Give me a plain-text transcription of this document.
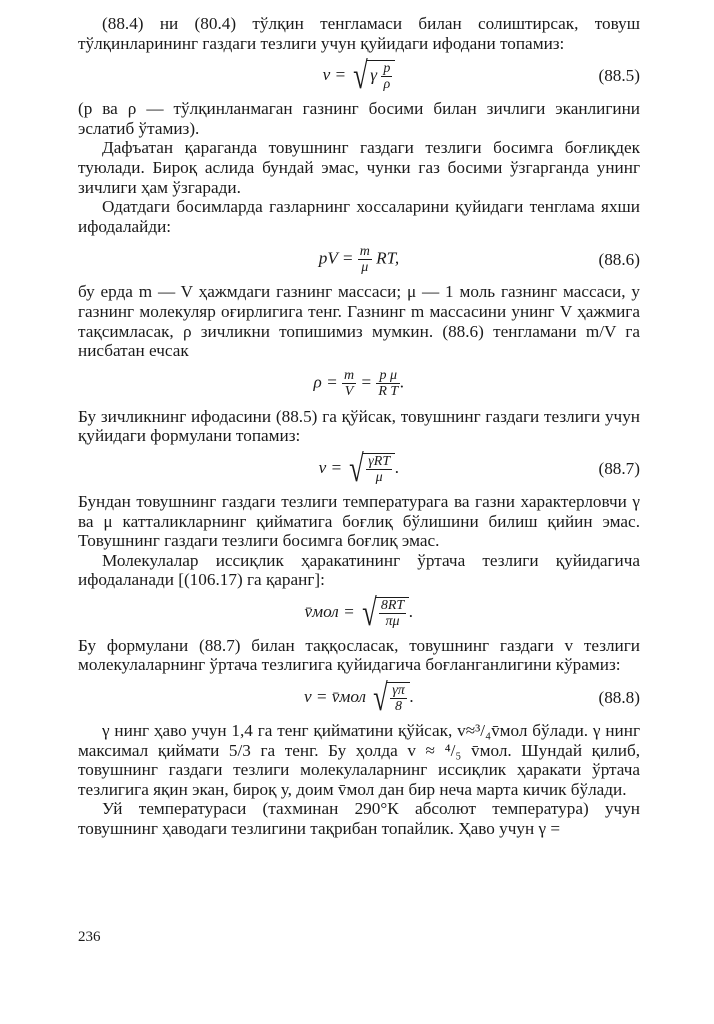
(88.4) ни (80.4) тўлқин тенгламаси билан солиштирсак, товуш тўлқинларининг газдаги тезлиги учун қуйидаги ифодани топамиз:

v = √ γ $\frac{p}{\rho}$	(88.5)

(p ва ρ — тўлқинланмаган газнинг босими билан зичлиги эканлигини эслатиб ўтамиз).

Дафъатан қараганда товушнинг газдаги тезлиги босимга боғлиқдек туюлади. Бироқ аслида бундай эмас, чунки газ босими ўзгарганда унинг зичлиги ҳам ўзгаради.

Одатдаги босимларда газларнинг хоссаларини қуйидаги тенглама яхши ифодалайди:

pV = $\frac{m}{\mu}$ RT,	(88.6)

бу ерда m — V ҳажмдаги газнинг массаси; μ — 1 моль газнинг массаси, у газнинг молекуляр оғирлигига тенг. Газнинг m массасини унинг V ҳажмига тақсимласак, ρ зичликни топишимиз мумкин. (88.6) тенгламани m/V га нисбатан ечсак

$\rho = \frac{m}{V} = \frac{\text{p μ}}{\text{R T}}$ .

Бу зичликнинг ифодасини (88.5) га қўйсак, товушнинг газдаги тезлиги учун қуйидаги формулани топамиз:

v = √ $\frac{\text{γRT}}{\mu}$ .	(88.7)

Бундан товушнинг газдаги тезлиги температурага ва газни характерловчи γ ва μ катталикларнинг қийматига боғлиқ бўлишини билиш қийин эмас. Товушнинг газдаги тезлиги босимга боғлиқ эмас.

Молекулалар иссиқлик ҳаракатининг ўртача тезлиги қуйидагича ифодаланади [(106.17) га қаранг]:

v̄мол = √ $\frac{8RT}{\pi\mu}$ .

Бу формулани (88.7) билан таққосласак, товушнинг газдаги v тезлиги молекулаларнинг ўртача тезлигига қуйидагича боғланганлигини кўрамиз:

v = v̄мол √ $\frac{\gamma\pi}{8}$ .	(88.8)

γ нинг ҳаво учун 1,4 га тенг қийматини қўйсак, v≈³/₄v̄мол бўлади. γ нинг максимал қиймати 5/3 га тенг. Бу ҳолда v ≈ ⁴/₅ v̄мол. Шундай қилиб, товушнинг газдаги тезлиги молекулаларнинг иссиқлик ҳаракати ўртача тезлигига яқин экан, бироқ у, доим v̄мол дан бир неча марта кичик бўлади.

Уй температураси (тахминан 290°К абсолют температура) учун товушнинг ҳаводаги тезлигини тақрибан топайлик. Ҳаво учун γ =

236
